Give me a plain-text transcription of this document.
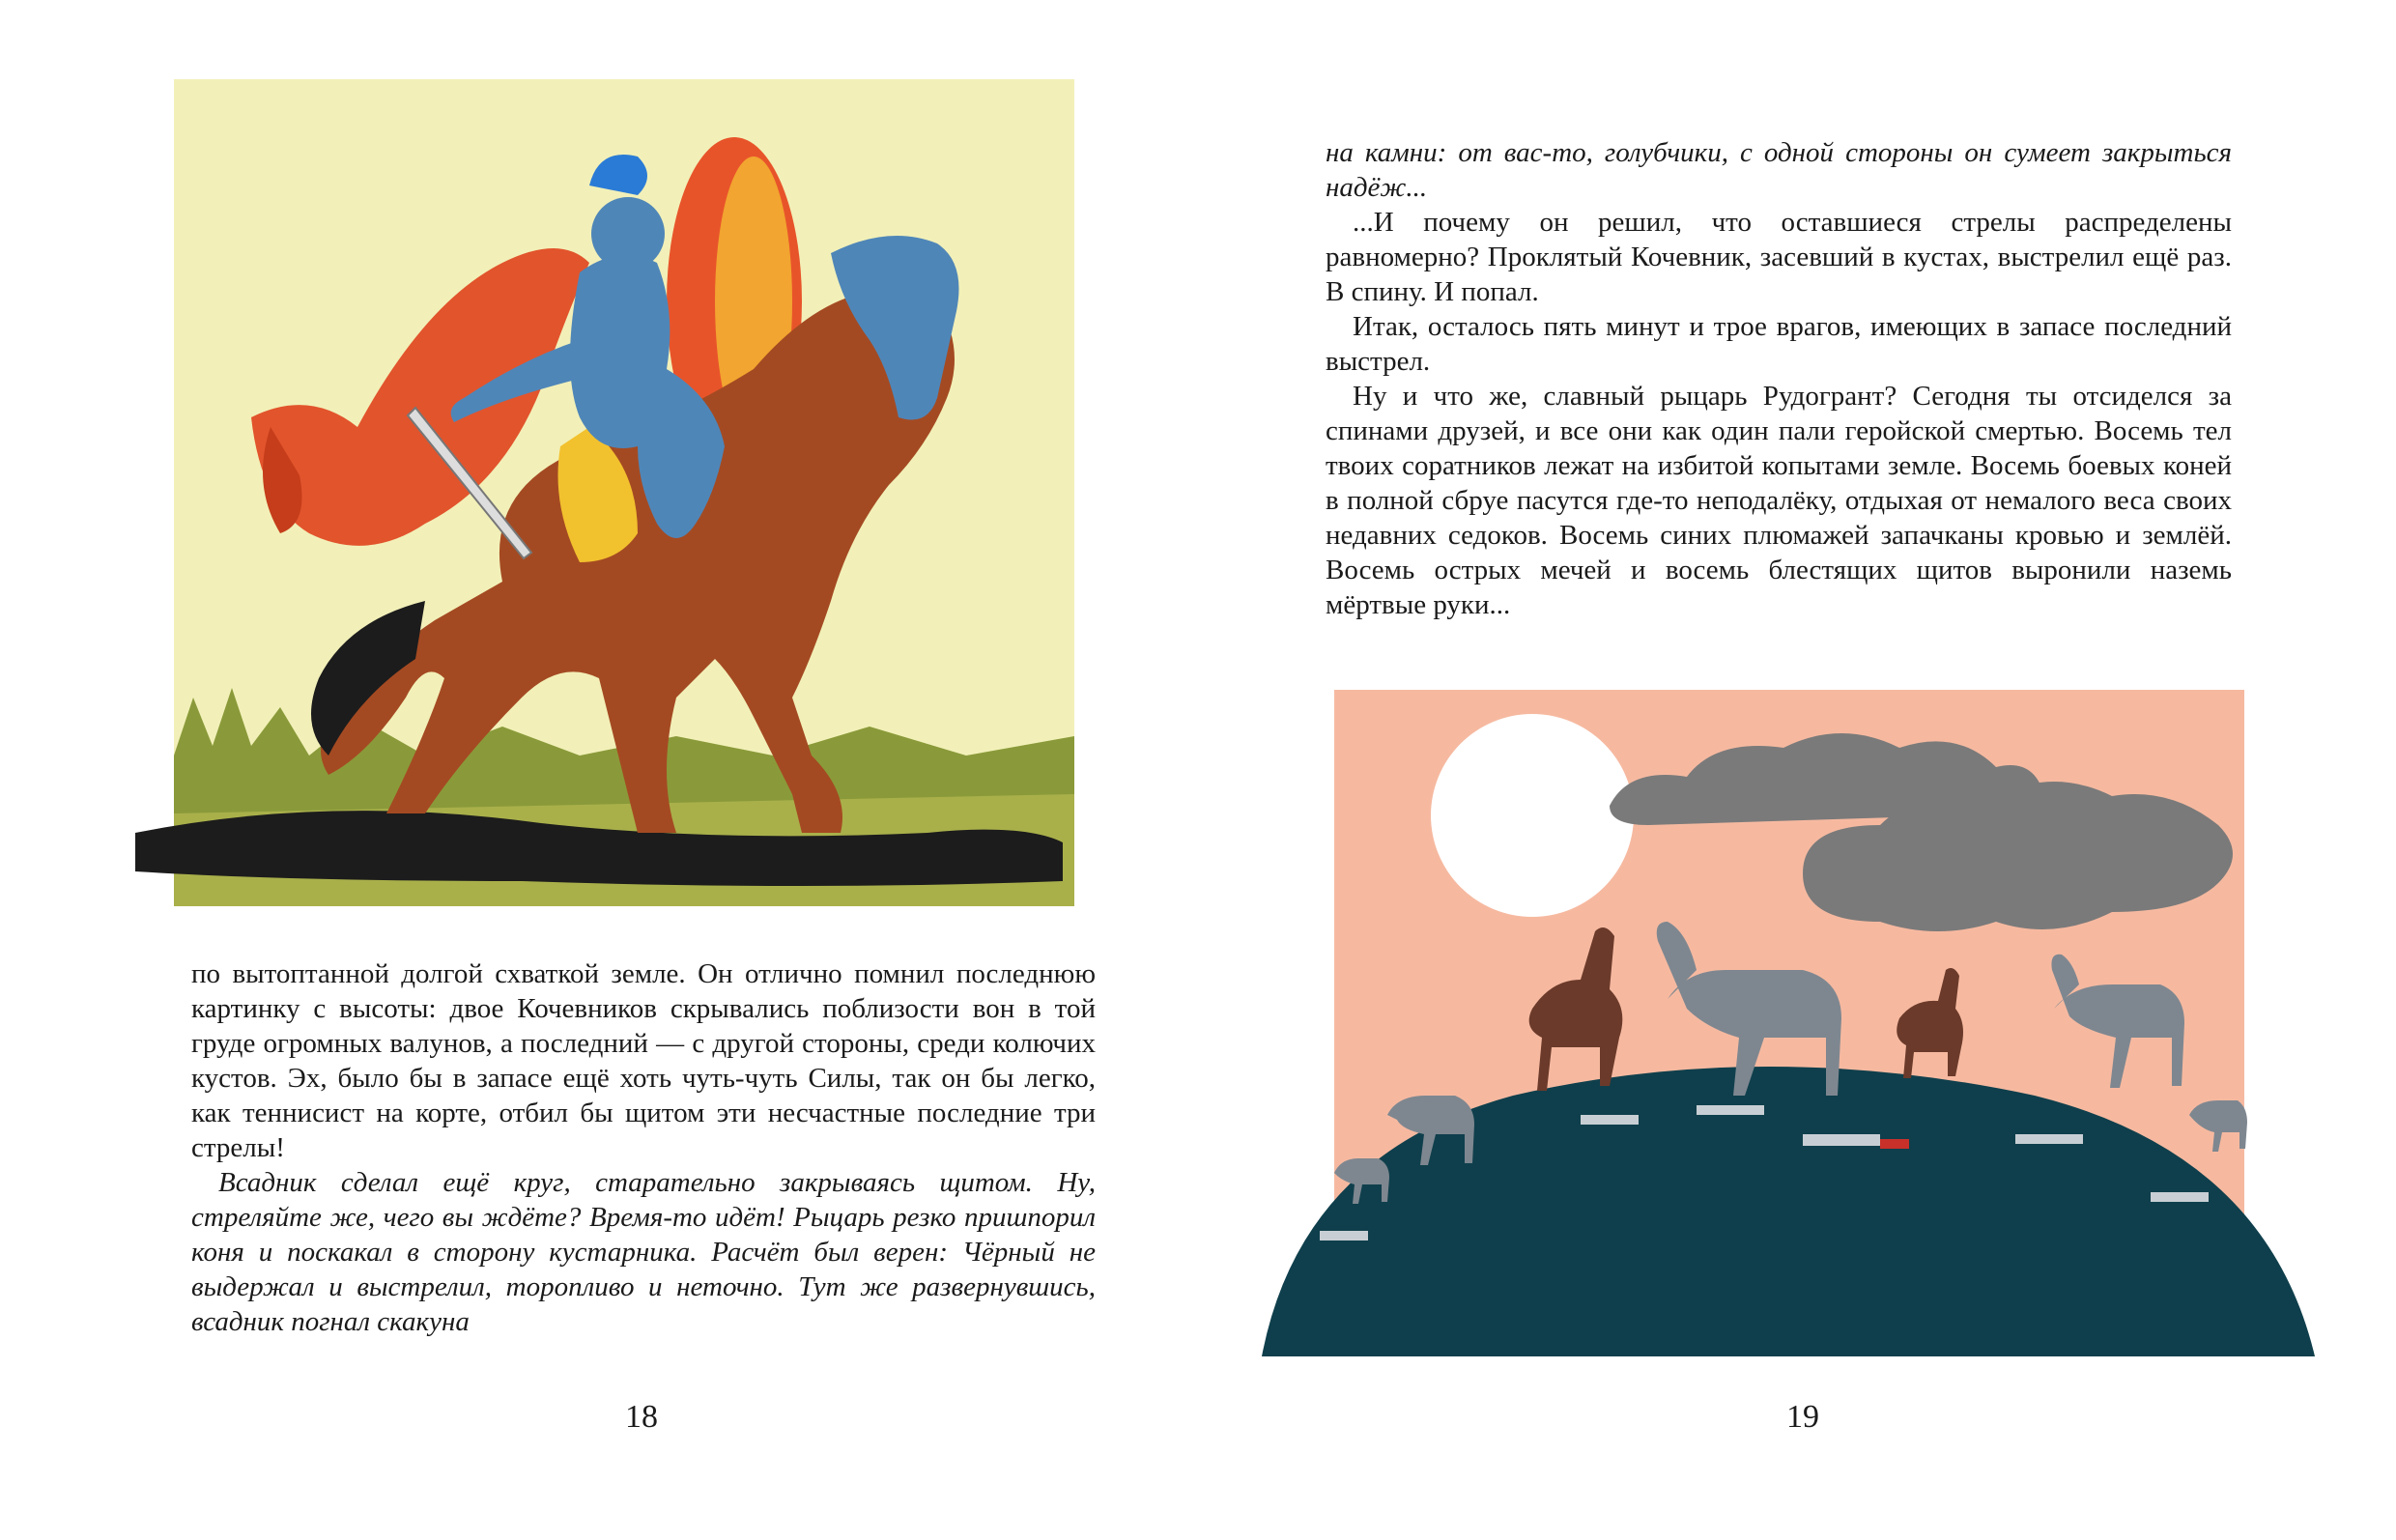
по вытоптанной долгой схваткой земле. Он отлично помнил последнюю картинку с высоты: двое Кочевников скрывались поблизости вон в той груде огромных валунов, а последний — с другой стороны, среди колючих кустов. Эх, было бы в запасе ещё хоть чуть-чуть Силы, так он бы легко, как теннисист на корте, отбил бы щитом эти несчастные последние три стрелы!

Всадник сделал ещё круг, старательно закрываясь щитом. Ну, стреляйте же, чего вы ждёте? Время-то идёт! Рыцарь резко пришпорил коня и поскакал в сторону кустарника. Расчёт был верен: Чёрный не выдержал и выстрелил, торопливо и неточно. Тут же развернувшись, всадник погнал скакуна

18

на камни: от вас-то, голубчики, с одной стороны он сумеет закрыться надёж...

...И почему он решил, что оставшиеся стрелы распределены равномерно? Проклятый Кочевник, засевший в кустах, выстрелил ещё раз. В спину. И попал.

Итак, осталось пять минут и трое врагов, имеющих в запасе последний выстрел.

Ну и что же, славный рыцарь Рудогрант? Сегодня ты отсиделся за спинами друзей, и все они как один пали геройской смертью. Восемь тел твоих соратников лежат на избитой копытами земле. Восемь боевых коней в полной сбруе пасутся где-то неподалёку, отдыхая от немалого веса своих недавних седоков. Восемь синих плюмажей запачканы кровью и землёй. Восемь острых мечей и восемь блестящих щитов выронили наземь мёртвые руки...

19
